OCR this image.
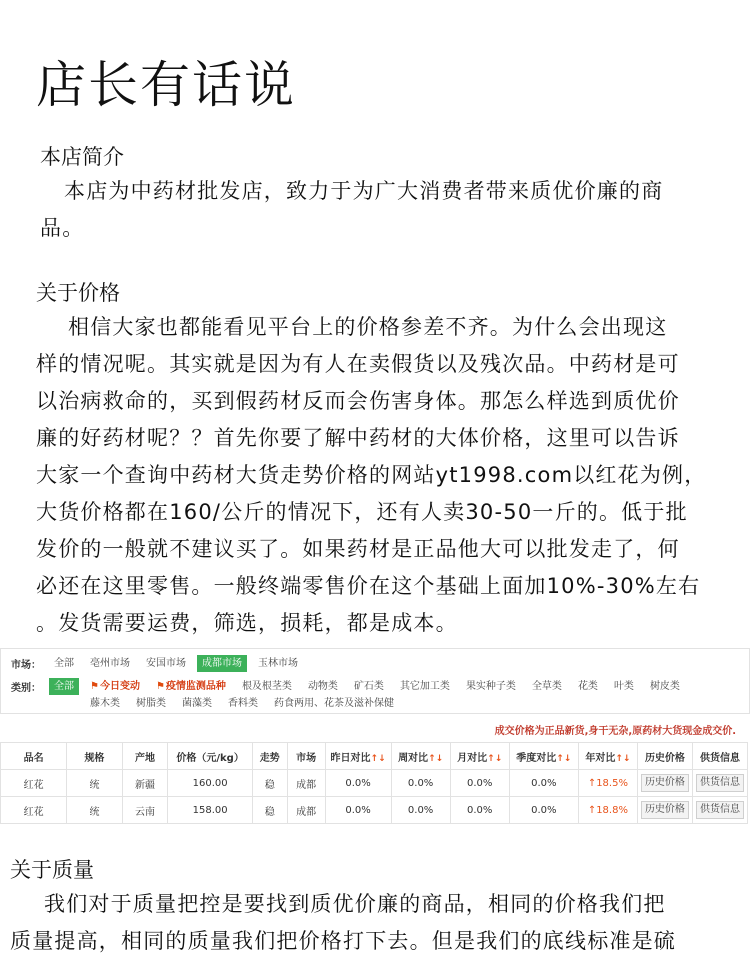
店长有话说
本店简介
本店为中药材批发店，致力于为广大消费者带来质优价廉的商
品。
关于价格
相信大家也都能看见平台上的价格参差不齐。为什么会出现这
样的情况呢。其实就是因为有人在卖假货以及残次品。中药材是可
以治病救命的，买到假药材反而会伤害身体。那怎么样选到质优价
廉的好药材呢？？首先你要了解中药材的大体价格，这里可以告诉
大家一个查询中药材大货走势价格的网站yt1998.com以红花为例，
大货价格都在160/公斤的情况下，还有人卖30-50一斤的。低于批
发价的一般就不建议买了。如果药材是正品他大可以批发走了，何
必还在这里零售。一般终端零售价在这个基础上面加10%-30%左右
。发货需要运费，筛选，损耗，都是成本。
市场：	全部	亳州市场	安国市场	成都市场	玉林市场
类别：	全部	⚑ 今日变动	⚑ 疫情监测品种	根及根茎类	动物类	矿石类	其它加工类	果实种子类	全草类	花类	叶类	树皮类
藤木类	树脂类	菌藻类	香料类	药食两用、花茶及滋补保健
成交价格为正品新货,身干无杂,原药材大货现金成交价.
品名	规格	产地	价格（元/kg）	走势	市场	昨日对比↑↓	周对比↑↓	月对比↑↓	季度对比↑↓	年对比↑↓	历史价格	供货信息
红花	统	新疆	160.00	稳	成都	0.0%	0.0%	0.0%	0.0%	↑18.5%	历史价格	供货信息
红花	统	云南	158.00	稳	成都	0.0%	0.0%	0.0%	0.0%	↑18.8%	历史价格	供货信息
关于质量
我们对于质量把控是要找到质优价廉的商品，相同的价格我们把
质量提高，相同的质量我们把价格打下去。但是我们的底线标准是硫
